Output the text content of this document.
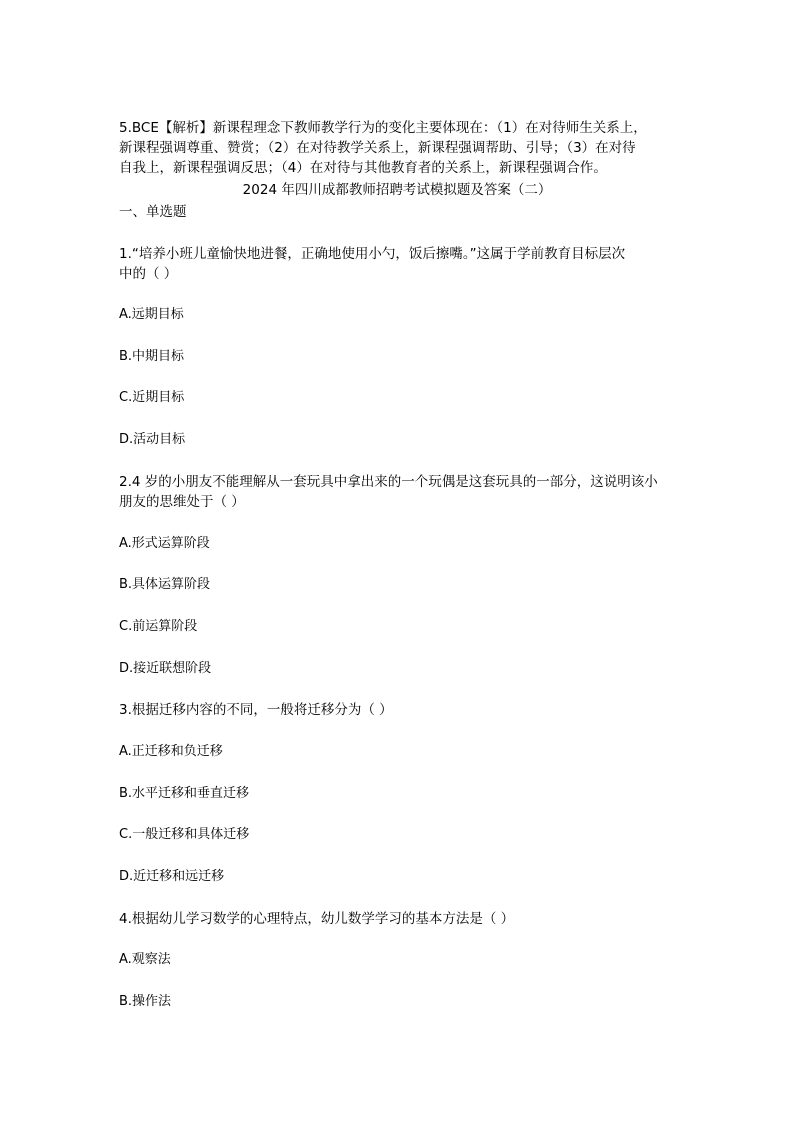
5.BCE【解析】新课程理念下教师教学行为的变化主要体现在：（1）在对待师生关系上，
新课程强调尊重、赞赏；（2）在对待教学关系上，新课程强调帮助、引导；（3）在对待
自我上，新课程强调反思；（4）在对待与其他教育者的关系上，新课程强调合作。
2024 年四川成都教师招聘考试模拟题及答案（二）
一、单选题
1.“培养小班儿童愉快地进餐，正确地使用小勺，饭后擦嘴。”这属于学前教育目标层次
中的（ ）
A.远期目标
B.中期目标
C.近期目标
D.活动目标
2.4 岁的小朋友不能理解从一套玩具中拿出来的一个玩偶是这套玩具的一部分，这说明该小
朋友的思维处于（ ）
A.形式运算阶段
B.具体运算阶段
C.前运算阶段
D.接近联想阶段
3.根据迁移内容的不同，一般将迁移分为（ ）
A.正迁移和负迁移
B.水平迁移和垂直迁移
C.一般迁移和具体迁移
D.近迁移和远迁移
4.根据幼儿学习数学的心理特点，幼儿数学学习的基本方法是（ ）
A.观察法
B.操作法
